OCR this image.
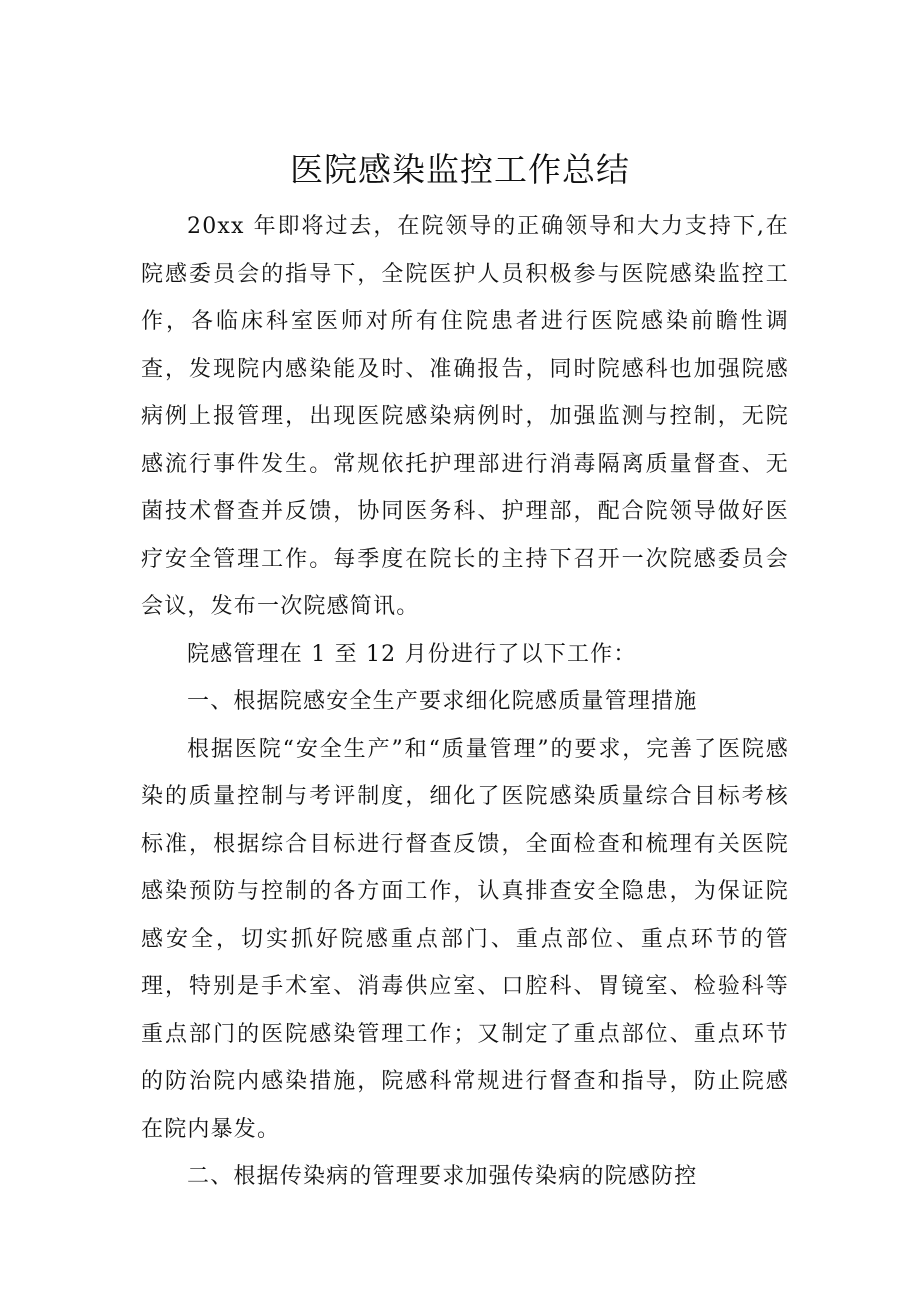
医院感染监控工作总结

20xx 年即将过去，在院领导的正确领导和大力支持下,在院感委员会的指导下，全院医护人员积极参与医院感染监控工作，各临床科室医师对所有住院患者进行医院感染前瞻性调查，发现院内感染能及时、准确报告，同时院感科也加强院感病例上报管理，出现医院感染病例时，加强监测与控制，无院感流行事件发生。常规依托护理部进行消毒隔离质量督查、无菌技术督查并反馈，协同医务科、护理部，配合院领导做好医疗安全管理工作。每季度在院长的主持下召开一次院感委员会会议，发布一次院感简讯。

院感管理在 1 至 12 月份进行了以下工作：

一、根据院感安全生产要求细化院感质量管理措施

根据医院“安全生产”和“质量管理”的要求，完善了医院感染的质量控制与考评制度，细化了医院感染质量综合目标考核标准，根据综合目标进行督查反馈，全面检查和梳理有关医院感染预防与控制的各方面工作，认真排查安全隐患，为保证院感安全，切实抓好院感重点部门、重点部位、重点环节的管理，特别是手术室、消毒供应室、口腔科、胃镜室、检验科等重点部门的医院感染管理工作；又制定了重点部位、重点环节的防治院内感染措施，院感科常规进行督查和指导，防止院感在院内暴发。

二、根据传染病的管理要求加强传染病的院感防控
